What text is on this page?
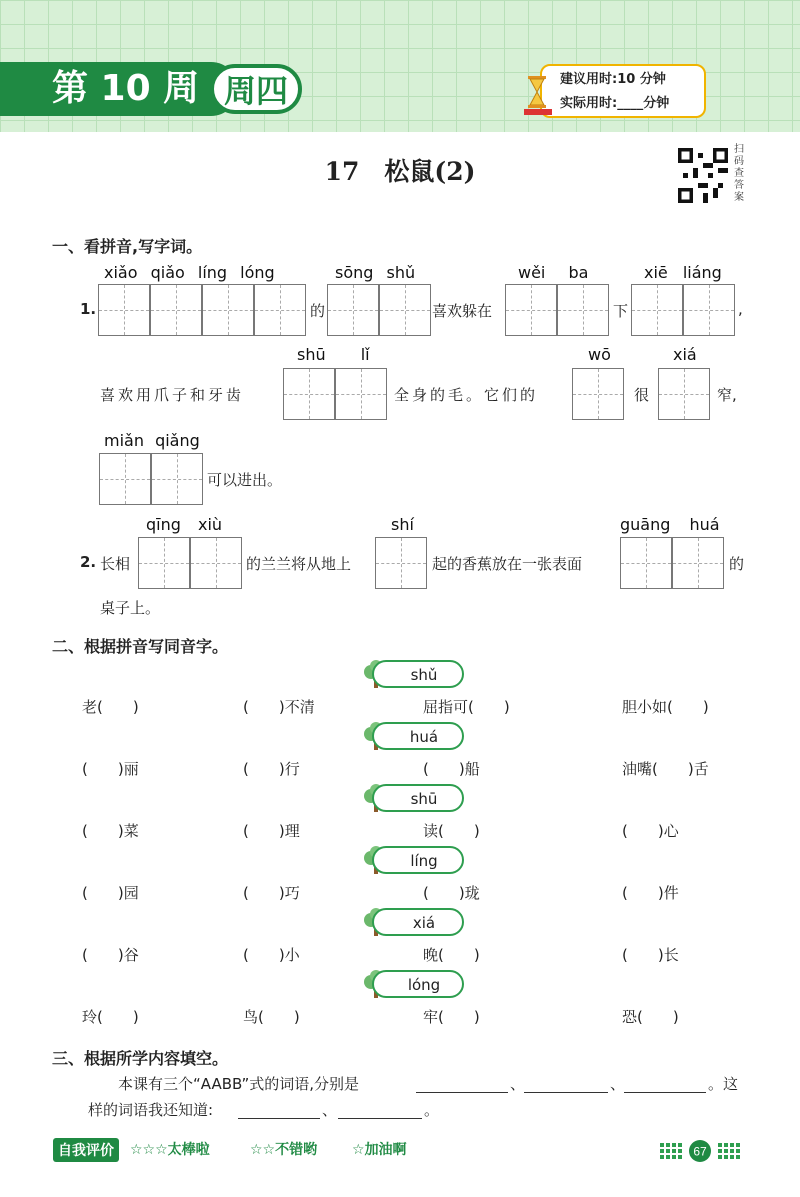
第 10 周 周四	建议用时:10 分钟
实际用时:____分钟
17　松鼠(2)
扫码查答案
一、看拼音,写字词。
xiǎo qiǎo líng lóng	sōng shǔ	wěi ba	xiē liáng
1.	的	喜欢躲在	下	,
shū lǐ	wō	xiá
喜欢用爪子和牙齿	全身的毛。它们的	很	窄,
miǎn qiǎng
可以进出。
qīng xiù	shí	guāng huá
2. 长相	的兰兰将从地上	起的香蕉放在一张表面	的
桌子上。
二、根据拼音写同音字。
shǔ
老(　　)	(　　)不清	屈指可(　　)	胆小如(　　)
huá
(　　)丽	(　　)行	(　　)船	油嘴(　　)舌
shū
(　　)菜	(　　)理	读(　　)	(　　)心
líng
(　　)园	(　　)巧	(　　)珑	(　　)件
xiá
(　　)谷	(　　)小	晚(　　)	(　　)长
lóng
玲(　　)	鸟(　　)	牢(　　)	恐(　　)
三、根据所学内容填空。
本课有三个“AABB”式的词语,分别是	、	、	。这
样的词语我还知道:	、	。
自我评价	☆☆☆太棒啦	☆☆不错哟 ☆加油啊	67
